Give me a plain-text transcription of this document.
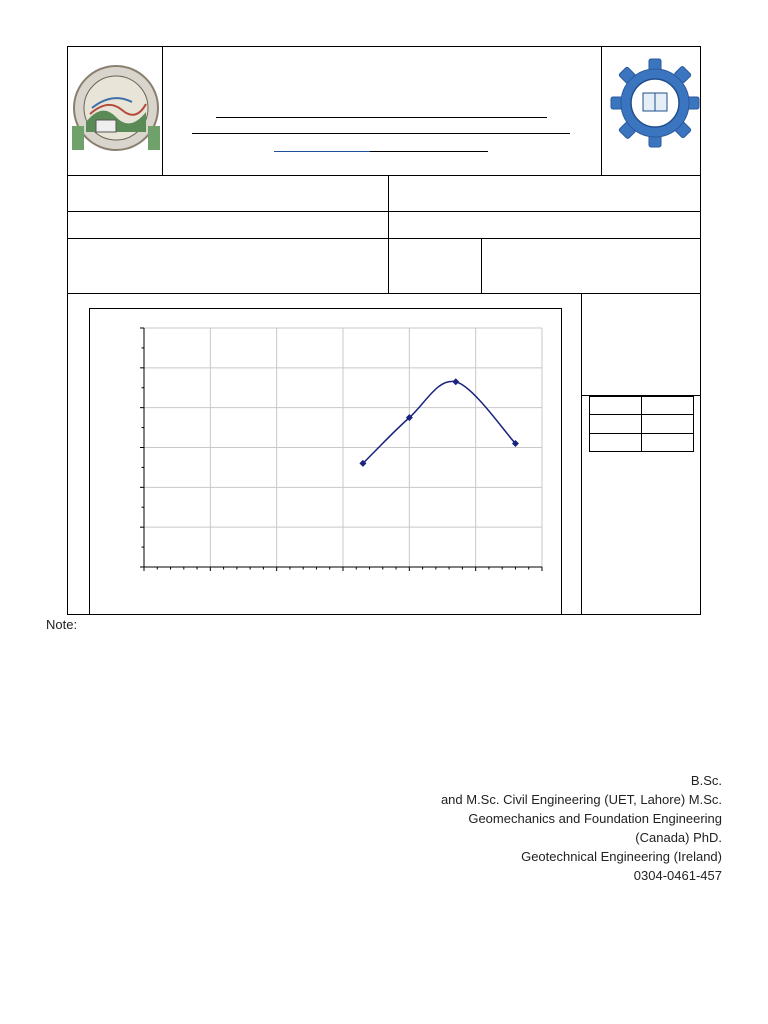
Note:
B.Sc.
and M.Sc. Civil Engineering (UET, Lahore) M.Sc.
Geomechanics and Foundation Engineering
(Canada) PhD.
Geotechnical Engineering (Ireland)
0304-0461-457
